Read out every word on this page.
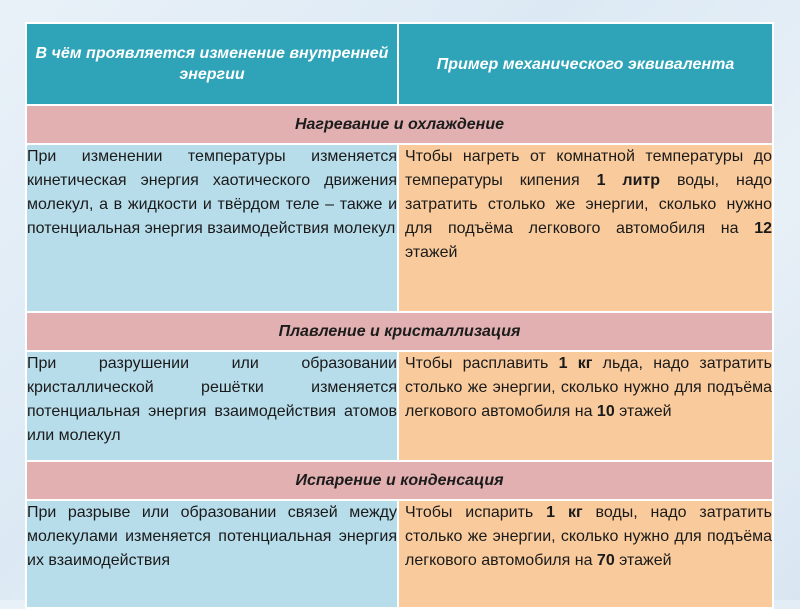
В чём проявляется изменение внутренней энергии	Пример механического эквивалента
Нагревание и охлаждение	
При изменении температуры изменяется кинетическая энергия хаотического движения молекул, а в жидкости и твёрдом теле – также и потенциальная энергия взаимодействия молекул	Чтобы нагреть от комнатной температуры до температуры кипения 1 литр воды, надо затратить столько же энергии, сколько нужно для подъёма легкового автомобиля на 12 этажей
Плавление и кристаллизация	
При разрушении или образовании кристаллической решётки изменяется потенциальная энергия взаимодействия атомов или молекул	Чтобы расплавить 1 кг льда, надо затратить столько же энергии, сколько нужно для подъёма легкового автомобиля на 10 этажей
Испарение и конденсация	
При разрыве или образовании связей между молекулами изменяется потенциальная энергия их взаимодействия	Чтобы испарить 1 кг воды, надо затратить столько же энергии, сколько нужно для подъёма легкового автомобиля на 70 этажей
